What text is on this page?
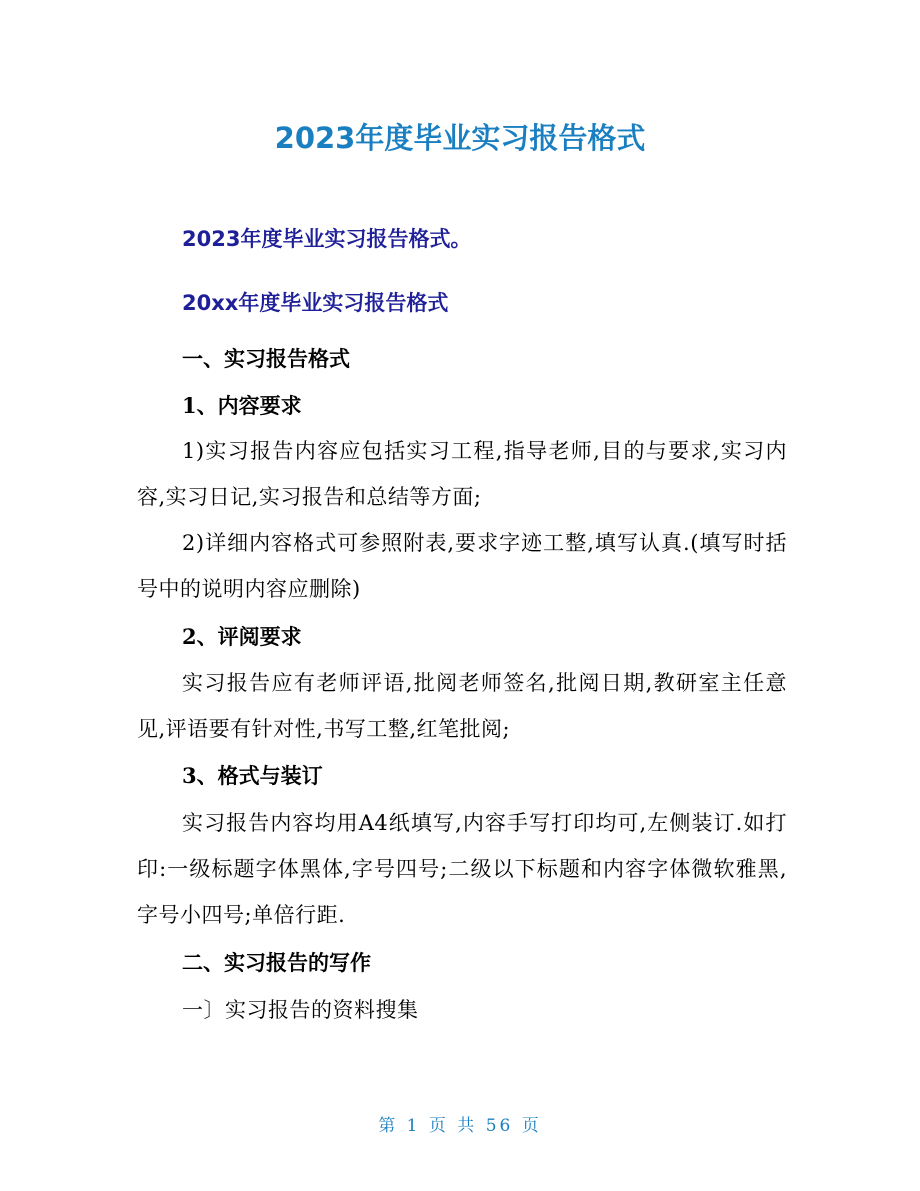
2023年度毕业实习报告格式

2023年度毕业实习报告格式。

20xx年度毕业实习报告格式

一、实习报告格式

1、内容要求

1)实习报告内容应包括实习工程,指导老师,目的与要求,实习内容,实习日记,实习报告和总结等方面;

2)详细内容格式可参照附表,要求字迹工整,填写认真.(填写时括号中的说明内容应删除)

2、评阅要求

实习报告应有老师评语,批阅老师签名,批阅日期,教研室主任意见,评语要有针对性,书写工整,红笔批阅;

3、格式与装订

实习报告内容均用A4纸填写,内容手写打印均可,左侧装订.如打印:一级标题字体黑体,字号四号;二级以下标题和内容字体微软雅黑,字号小四号;单倍行距.

二、实习报告的写作

一〕实习报告的资料搜集

第 1 页 共 56 页
